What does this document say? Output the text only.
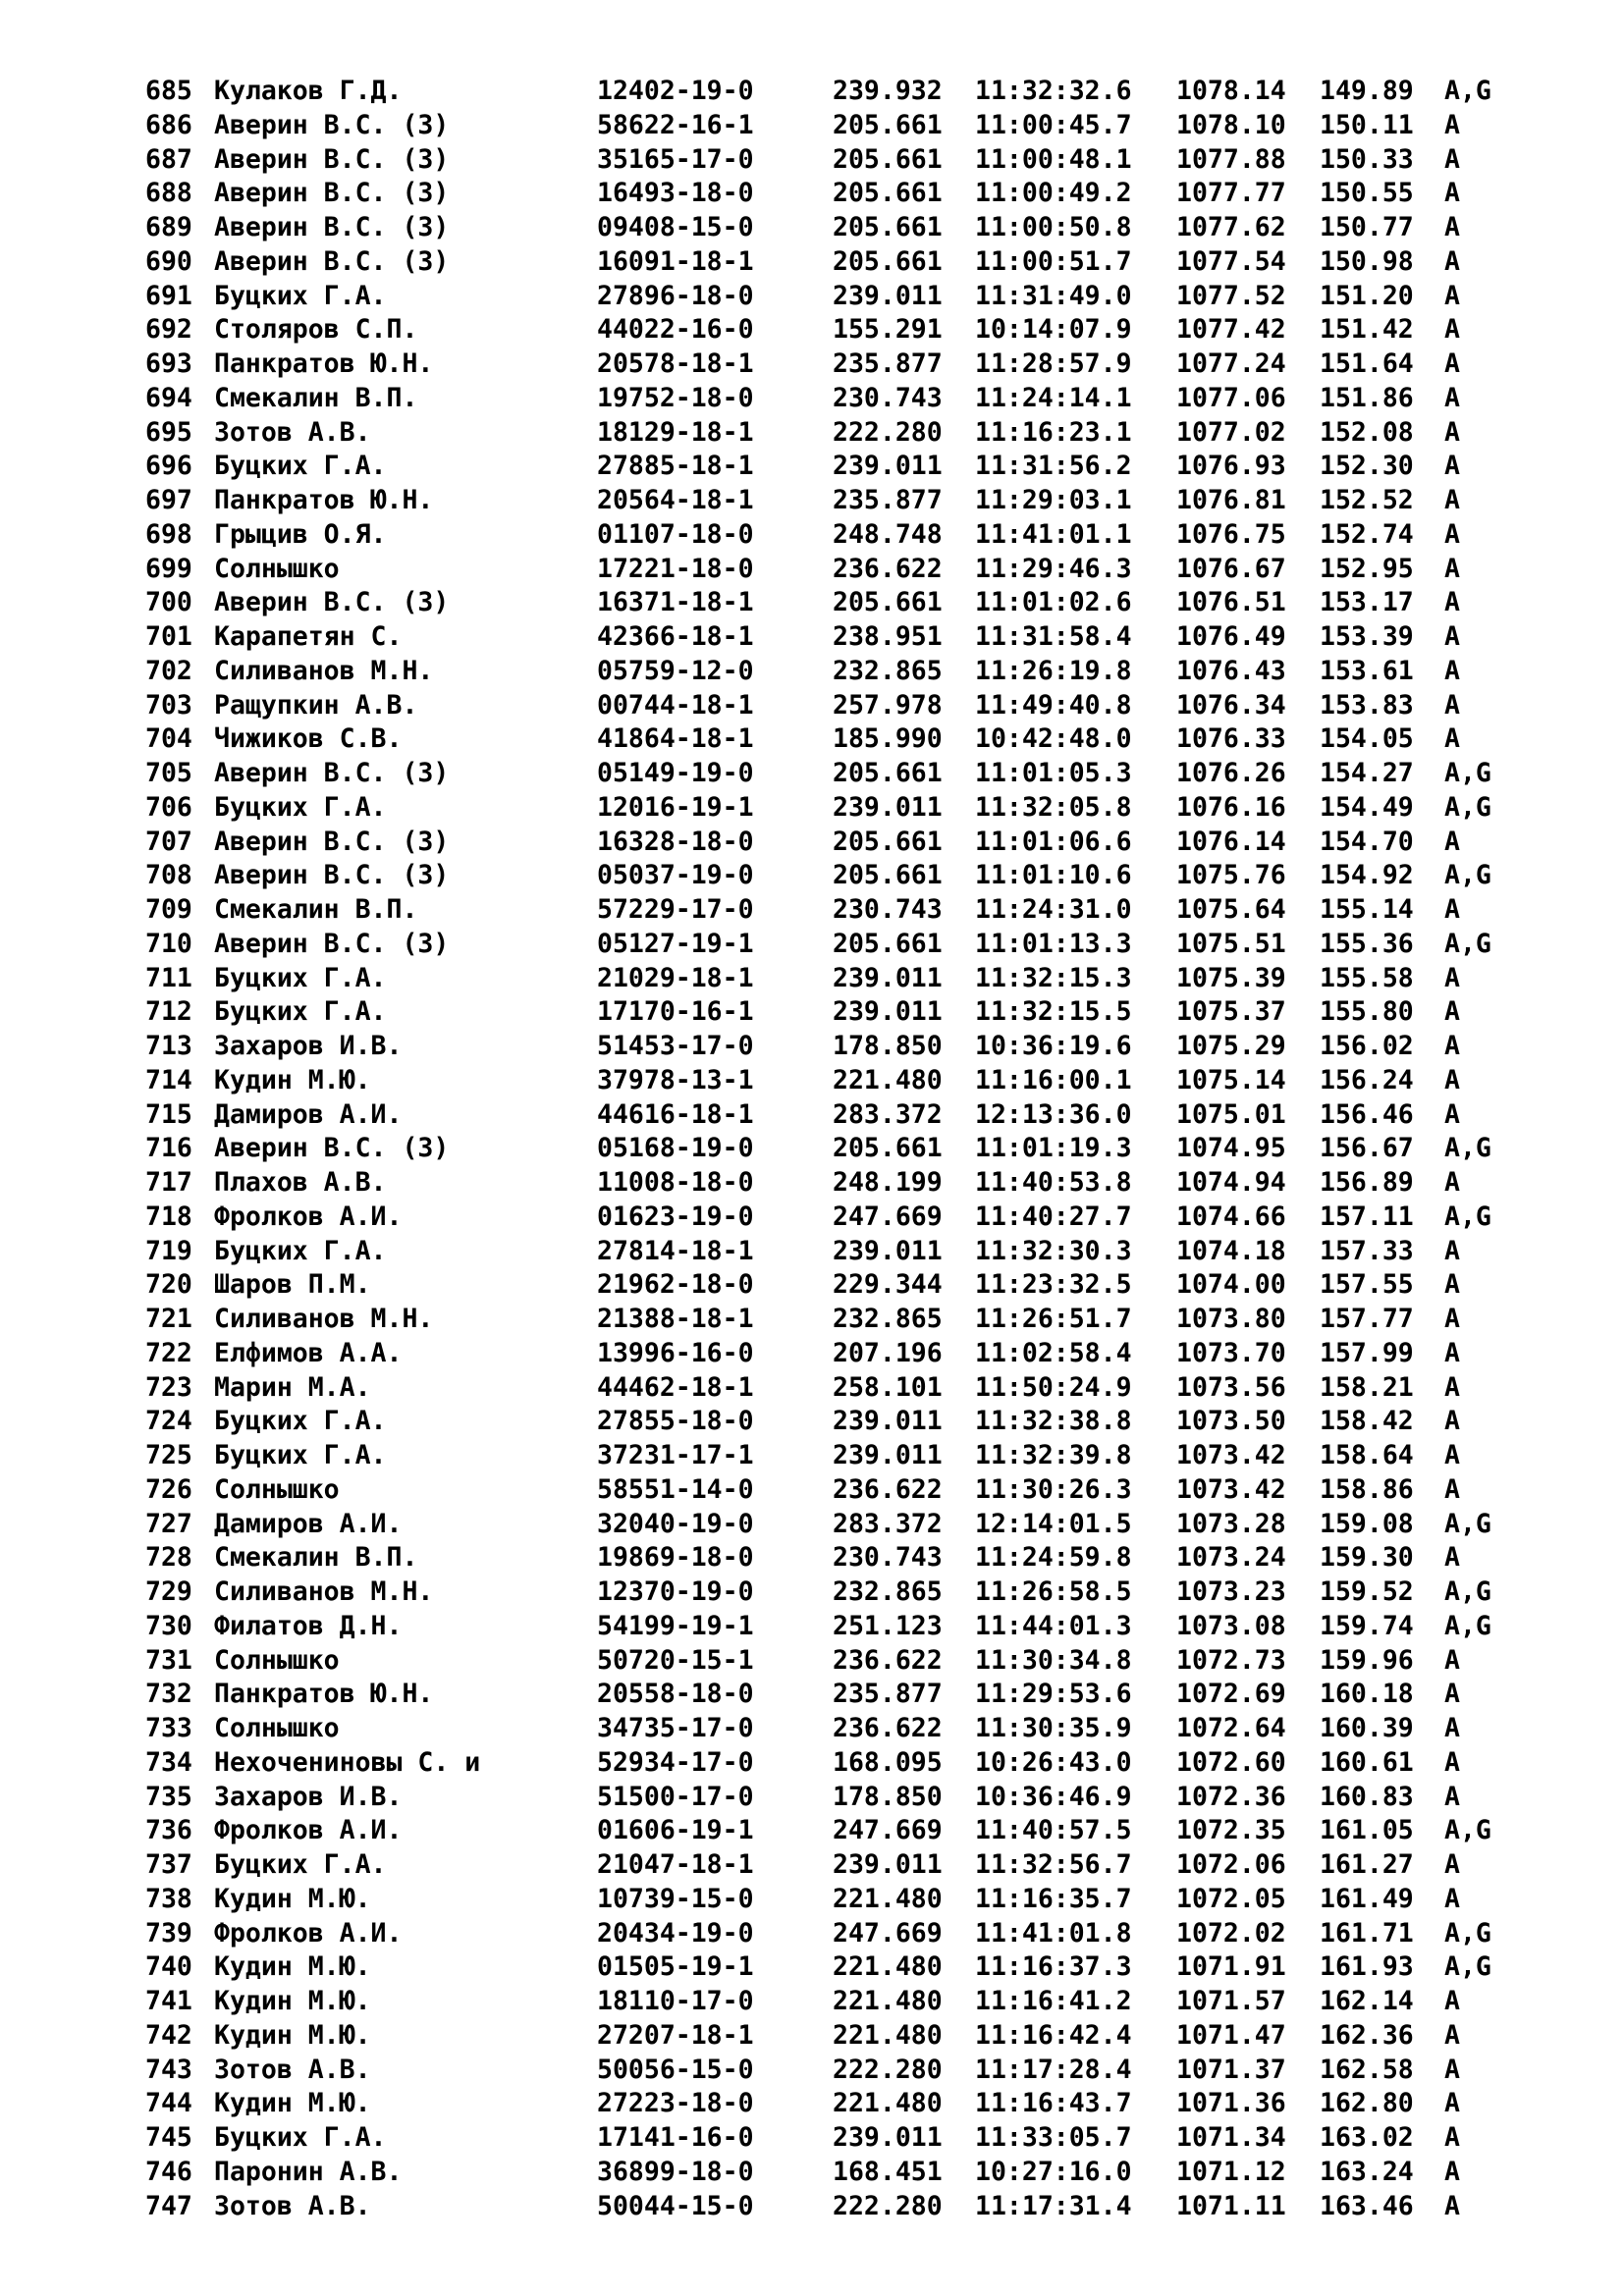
685 Кулаков Г.Д.	12402-19-0	239.932 11:32:32.6 1078.14 149.89 A,G
686 Аверин В.С. (З)	58622-16-1	205.661 11:00:45.7 1078.10 150.11 A
687 Аверин В.С. (З)	35165-17-0	205.661 11:00:48.1 1077.88 150.33 A
688 Аверин В.С. (З)	16493-18-0	205.661 11:00:49.2 1077.77 150.55 A
689 Аверин В.С. (З)	09408-15-0	205.661 11:00:50.8 1077.62 150.77 A
690 Аверин В.С. (З)	16091-18-1	205.661 11:00:51.7 1077.54 150.98 A
691 Буцких Г.А.	27896-18-0	239.011 11:31:49.0 1077.52 151.20 A
692 Столяров С.П.	44022-16-0	155.291 10:14:07.9 1077.42 151.42 A
693 Панкратов Ю.Н.	20578-18-1	235.877 11:28:57.9 1077.24 151.64 A
694 Смекалин В.П.	19752-18-0	230.743 11:24:14.1 1077.06 151.86 A
695 Зотов А.В.	18129-18-1	222.280 11:16:23.1 1077.02 152.08 A
696 Буцких Г.А.	27885-18-1	239.011 11:31:56.2 1076.93 152.30 A
697 Панкратов Ю.Н.	20564-18-1	235.877 11:29:03.1 1076.81 152.52 A
698 Грыцив О.Я.	01107-18-0	248.748 11:41:01.1 1076.75 152.74 A
699 Солнышко	17221-18-0	236.622 11:29:46.3 1076.67 152.95 A
700 Аверин В.С. (З)	16371-18-1	205.661 11:01:02.6 1076.51 153.17 A
701 Карапетян С.	42366-18-1	238.951 11:31:58.4 1076.49 153.39 A
702 Силиванов М.Н.	05759-12-0	232.865 11:26:19.8 1076.43 153.61 A
703 Ращупкин А.В.	00744-18-1	257.978 11:49:40.8 1076.34 153.83 A
704 Чижиков С.В.	41864-18-1	185.990 10:42:48.0 1076.33 154.05 A
705 Аверин В.С. (З)	05149-19-0	205.661 11:01:05.3 1076.26 154.27 A,G
706 Буцких Г.А.	12016-19-1	239.011 11:32:05.8 1076.16 154.49 A,G
707 Аверин В.С. (З)	16328-18-0	205.661 11:01:06.6 1076.14 154.70 A
708 Аверин В.С. (З)	05037-19-0	205.661 11:01:10.6 1075.76 154.92 A,G
709 Смекалин В.П.	57229-17-0	230.743 11:24:31.0 1075.64 155.14 A
710 Аверин В.С. (З)	05127-19-1	205.661 11:01:13.3 1075.51 155.36 A,G
711 Буцких Г.А.	21029-18-1	239.011 11:32:15.3 1075.39 155.58 A
712 Буцких Г.А.	17170-16-1	239.011 11:32:15.5 1075.37 155.80 A
713 Захаров И.В.	51453-17-0	178.850 10:36:19.6 1075.29 156.02 A
714 Кудин М.Ю.	37978-13-1	221.480 11:16:00.1 1075.14 156.24 A
715 Дамиров А.И.	44616-18-1	283.372 12:13:36.0 1075.01 156.46 A
716 Аверин В.С. (З)	05168-19-0	205.661 11:01:19.3 1074.95 156.67 A,G
717 Плахов А.В.	11008-18-0	248.199 11:40:53.8 1074.94 156.89 A
718 Фролков А.И.	01623-19-0	247.669 11:40:27.7 1074.66 157.11 A,G
719 Буцких Г.А.	27814-18-1	239.011 11:32:30.3 1074.18 157.33 A
720 Шаров П.М.	21962-18-0	229.344 11:23:32.5 1074.00 157.55 A
721 Силиванов М.Н.	21388-18-1	232.865 11:26:51.7 1073.80 157.77 A
722 Елфимов А.А.	13996-16-0	207.196 11:02:58.4 1073.70 157.99 A
723 Марин М.А.	44462-18-1	258.101 11:50:24.9 1073.56 158.21 A
724 Буцких Г.А.	27855-18-0	239.011 11:32:38.8 1073.50 158.42 A
725 Буцких Г.А.	37231-17-1	239.011 11:32:39.8 1073.42 158.64 A
726 Солнышко	58551-14-0	236.622 11:30:26.3 1073.42 158.86 A
727 Дамиров А.И.	32040-19-0	283.372 12:14:01.5 1073.28 159.08 A,G
728 Смекалин В.П.	19869-18-0	230.743 11:24:59.8 1073.24 159.30 A
729 Силиванов М.Н.	12370-19-0	232.865 11:26:58.5 1073.23 159.52 A,G
730 Филатов Д.Н.	54199-19-1	251.123 11:44:01.3 1073.08 159.74 A,G
731 Солнышко	50720-15-1	236.622 11:30:34.8 1072.73 159.96 A
732 Панкратов Ю.Н.	20558-18-0	235.877 11:29:53.6 1072.69 160.18 A
733 Солнышко	34735-17-0	236.622 11:30:35.9 1072.64 160.39 A
734 Нехочениновы С. и	52934-17-0	168.095 10:26:43.0 1072.60 160.61 A
735 Захаров И.В.	51500-17-0	178.850 10:36:46.9 1072.36 160.83 A
736 Фролков А.И.	01606-19-1	247.669 11:40:57.5 1072.35 161.05 A,G
737 Буцких Г.А.	21047-18-1	239.011 11:32:56.7 1072.06 161.27 A
738 Кудин М.Ю.	10739-15-0	221.480 11:16:35.7 1072.05 161.49 A
739 Фролков А.И.	20434-19-0	247.669 11:41:01.8 1072.02 161.71 A,G
740 Кудин М.Ю.	01505-19-1	221.480 11:16:37.3 1071.91 161.93 A,G
741 Кудин М.Ю.	18110-17-0	221.480 11:16:41.2 1071.57 162.14 A
742 Кудин М.Ю.	27207-18-1	221.480 11:16:42.4 1071.47 162.36 A
743 Зотов А.В.	50056-15-0	222.280 11:17:28.4 1071.37 162.58 A
744 Кудин М.Ю.	27223-18-0	221.480 11:16:43.7 1071.36 162.80 A
745 Буцких Г.А.	17141-16-0	239.011 11:33:05.7 1071.34 163.02 A
746 Паронин А.В.	36899-18-0	168.451 10:27:16.0 1071.12 163.24 A
747 Зотов А.В.	50044-15-0	222.280 11:17:31.4 1071.11 163.46 A
